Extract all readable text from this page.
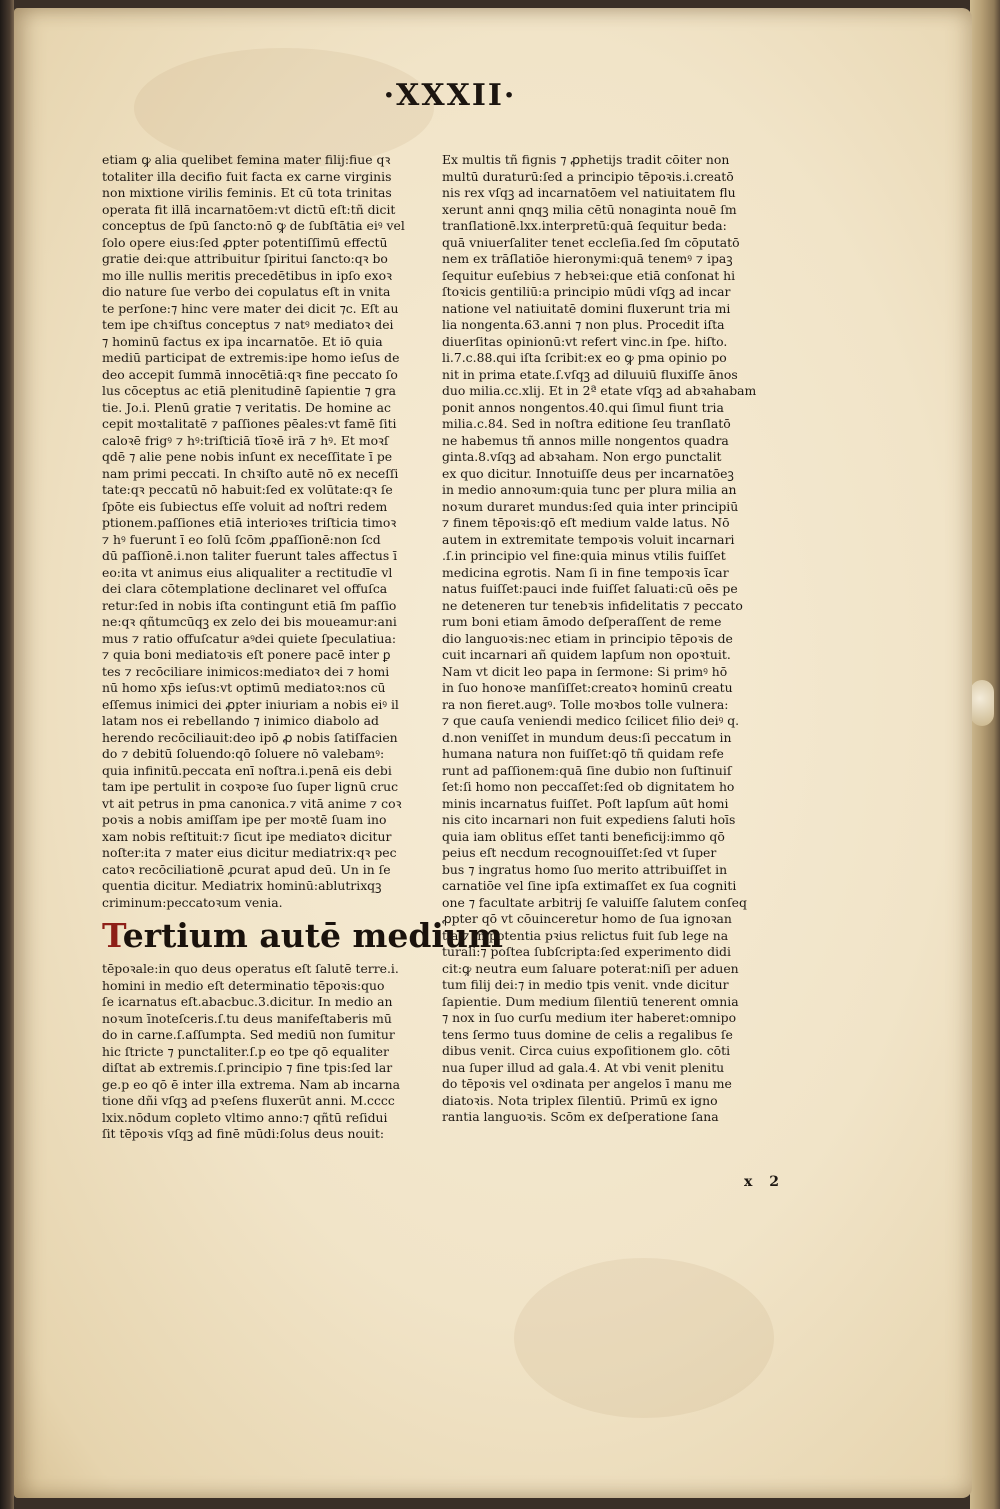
·XXXII·
etiam ꝙ alia quelibet femina mater filij:fiue qꝛ
totaliter illa decifio fuit facta ex carne virginis
non mixtione virilis feminis. Et cū tota trinitas
operata fit illā incarnatōem:vt dictū eſt:tñ dicit
conceptus de ſpū ſancto:nō ꝙ de ſubſtātia eiꝰ vel
ſolo opere eius:ſed ꝓpter potentiſſimū effectū
gratie dei:que attribuitur ſpiritui ſancto:qꝛ bo
mo ille nullis meritis precedētibus in ipſo exoꝛ
dio nature ſue verbo dei copulatus eſt in vnita
te perſone:⁊ hinc vere mater dei dicit ⁊c. Eſt au
tem ipe chꝛiſtus conceptus ⁊ natꝰ mediatoꝛ dei
⁊ hominū factus ex ipa incarnatōe. Et iō quia
mediū participat de extremis:ipe homo ieſus de
deo accepit ſummā innocētiā:qꝛ fine peccato ſo
lus cōceptus ac etiā plenitudinē ſapientie ⁊ gra
tie. Jo.i. Plenū gratie ⁊ veritatis. De homine ac
cepit moꝛtalitatē ⁊ paſſiones pēales:vt famē ſiti
caloꝛē frigꝰ ⁊ hꝰ:triſticiā tīoꝛē irā ⁊ hꝰ. Et moꝛſ
qdē ⁊ alie pene nobis inſunt ex neceſſitate ī pe
nam primi peccati. In chꝛiſto autē nō ex neceſſi
tate:qꝛ peccatū nō habuit:ſed ex volūtate:qꝛ ſe
ſpōte eis ſubiectus eſſe voluit ad noſtri redem
ptionem.paſſiones etiā interioꝛes triſticia timoꝛ
⁊ hꝰ fuerunt ī eo ſolū ſcōm ꝓpaſſionē:non ſcd
dū paſſionē.i.non taliter fuerunt tales affectus ī
eo:ita vt animus eius aliqualiter a rectitudīe vl
dei clara cōtemplatione declinaret vel offuſca
retur:ſed in nobis iſta contingunt etiā ſm paſſio
ne:qꝛ qñtumcūqꝫ ex zelo dei bis moueamur:ani
mus ⁊ ratio offuſcatur aꝰdei quiete ſpeculatiua:
⁊ quia boni mediatoꝛis eſt ponere pacē inter ꝑ
tes ⁊ recōciliare inimicos:mediatoꝛ dei ⁊ homi
nū homo xp̄s ieſus:vt optimū mediatoꝛ:nos cū
eſſemus inimici dei ꝓpter iniuriam a nobis eiꝰ il
latam nos ei rebellando ⁊ inimico diabolo ad
herendo recōciliauit:deo ipō ꝓ nobis ſatiſfacien
do ⁊ debitū ſoluendo:qō ſoluere nō valebamꝰ:
quia infinitū.peccata enī noſtra.i.penā eis debi
tam ipe pertulit in coꝛpoꝛe ſuo ſuper lignū cruc
vt ait petrus in pma canonica.⁊ vitā anime ⁊ coꝛ
poꝛis a nobis amiſſam ipe per moꝛtē ſuam ino
xam nobis reſtituit:⁊ ſicut ipe mediatoꝛ dicitur
noſter:ita ⁊ mater eius dicitur mediatrix:qꝛ pec
catoꝛ recōciliationē ꝓcurat apud deū. Un in ſe
quentia dicitur. Mediatrix hominū:ablutrixqꝫ
criminum:peccatoꝛum venia.
Tertium autē medium
tēpoꝛale:in quo deus operatus eſt ſalutē terre.i.
homini in medio eſt determinatio tēpoꝛis:quo
ſe icarnatus eſt.abacbuc.3.dicitur. In medio an
noꝛum īnoteſceris.ſ.tu deus manifeſtaberis mū
do in carne.ſ.aſſumpta. Sed mediū non ſumitur
hic ſtricte ⁊ punctaliter.ſ.p eo tpe qō equaliter
diſtat ab extremis.ſ.principio ⁊ fine tpis:ſed lar
ge.p eo qō ē inter illa extrema. Nam ab incarna
tione dñi vſqꝫ ad pꝛeſens fluxerūt anni. M.cccc
lxix.nōdum copleto vltimo anno:⁊ qñtū reſidui
ſit tēpoꝛis vſqꝫ ad finē mūdi:ſolus deus nouit:
Ex multis tñ fignis ⁊ ꝓphetijs tradit cōiter non
multū duraturū:ſed a principio tēpoꝛis.i.creatō
nis rex vſqꝫ ad incarnatōem vel natiuitatem flu
xerunt anni qnqꝫ milia cētū nonaginta nouē ſm
tranſlationē.lxx.interpretū:quā ſequitur beda:
quā vniuerſaliter tenet eccleſia.ſed ſm cōputatō
nem ex trāſlatiōe hieronymi:quā tenemꝰ ⁊ ipaꝫ
ſequitur euſebius ⁊ hebꝛei:que etiā conſonat hi
ſtoꝛicis gentiliū:a principio mūdi vſqꝫ ad incar
natione vel natiuitatē domini fluxerunt tria mi
lia nongenta.63.anni ⁊ non plus. Procedit iſta
diuerſitas opinionū:vt refert vinc.in ſpe. hiſto.
li.7.c.88.qui iſta ſcribit:ex eo ꝙ pma opinio po
nit in prima etate.ſ.vſqꝫ ad diluuiū fluxiſſe ānos
duo milia.cc.xlij. Et in 2ª etate vſqꝫ ad abꝛahabam
ponit annos nongentos.40.qui ſimul fiunt tria
milia.c.84. Sed in noſtra editione ſeu tranſlatō
ne habemus tñ annos mille nongentos quadra
ginta.8.vſqꝫ ad abꝛaham. Non ergo punctalit
ex quo dicitur. Innotuiſſe deus per incarnatōeꝫ
in medio annoꝛum:quia tunc per plura milia an
noꝛum duraret mundus:ſed quia inter principiū
⁊ finem tēpoꝛis:qō eſt medium valde latus. Nō
autem in extremitate tempoꝛis voluit incarnari
.ſ.in principio vel fine:quia minus vtilis fuiſſet
medicina egrotis. Nam ſi in fine tempoꝛis īcar
natus fuiſſet:pauci inde fuiſſet ſaluati:cū oēs pe
ne deteneren tur tenebꝛis infidelitatis ⁊ peccato
rum boni etiam āmodo deſperaſſent de reme
dio languoꝛis:nec etiam in principio tēpoꝛis de
cuit incarnari añ quidem lapſum non opoꝛtuit.
Nam vt dicit leo papa in ſermone: Si primꝰ hō
in ſuo honoꝛe manſiſſet:creatoꝛ hominū creatu
ra non fieret.augꝰ. Tolle moꝛbos tolle vulnera:
⁊ que cauſa veniendi medico ſcilicet filio deiꝰ q.
d.non veniſſet in mundum deus:ſi peccatum in
humana natura non fuiſſet:qō tñ quidam refe
runt ad paſſionem:quā ſine dubio non ſuſtinuiſ
ſet:ſi homo non peccaſſet:ſed ob dignitatem ho
minis incarnatus fuiſſet. Poſt lapſum aūt homi
nis cito incarnari non fuit expediens ſaluti hoīs
quia iam oblitus eſſet tanti beneficij:immo qō
peius eſt necdum recognouiſſet:ſed vt ſuper
bus ⁊ ingratus homo ſuo merito attribuiſſet in
carnatiōe vel ſine ipſa extimaſſet ex ſua cogniti
one ⁊ facultate arbitrij ſe valuiſſe ſalutem conſeq
ꝓpter qō vt cōuinceretur homo de ſua ignoꝛan
tia ⁊ impotentia pꝛius relictus fuit ſub lege na
turali:⁊ poſtea ſubſcripta:ſed experimento didi
cit:ꝙ neutra eum ſaluare poterat:niſi per aduen
tum filij dei:⁊ in medio tpis venit. vnde dicitur
ſapientie. Dum medium ſilentiū tenerent omnia
⁊ nox in ſuo curſu medium iter haberet:omnipo
tens ſermo tuus domine de celis a regalibus ſe
dibus venit. Circa cuius expoſitionem glo. cōti
nua ſuper illud ad gala.4. At vbi venit plenitu
do tēpoꝛis vel oꝛdinata per angelos ī manu me
diatoꝛis. Nota triplex ſilentiū. Primū ex igno
rantia languoꝛis. Scōm ex deſperatione ſana
x 2
